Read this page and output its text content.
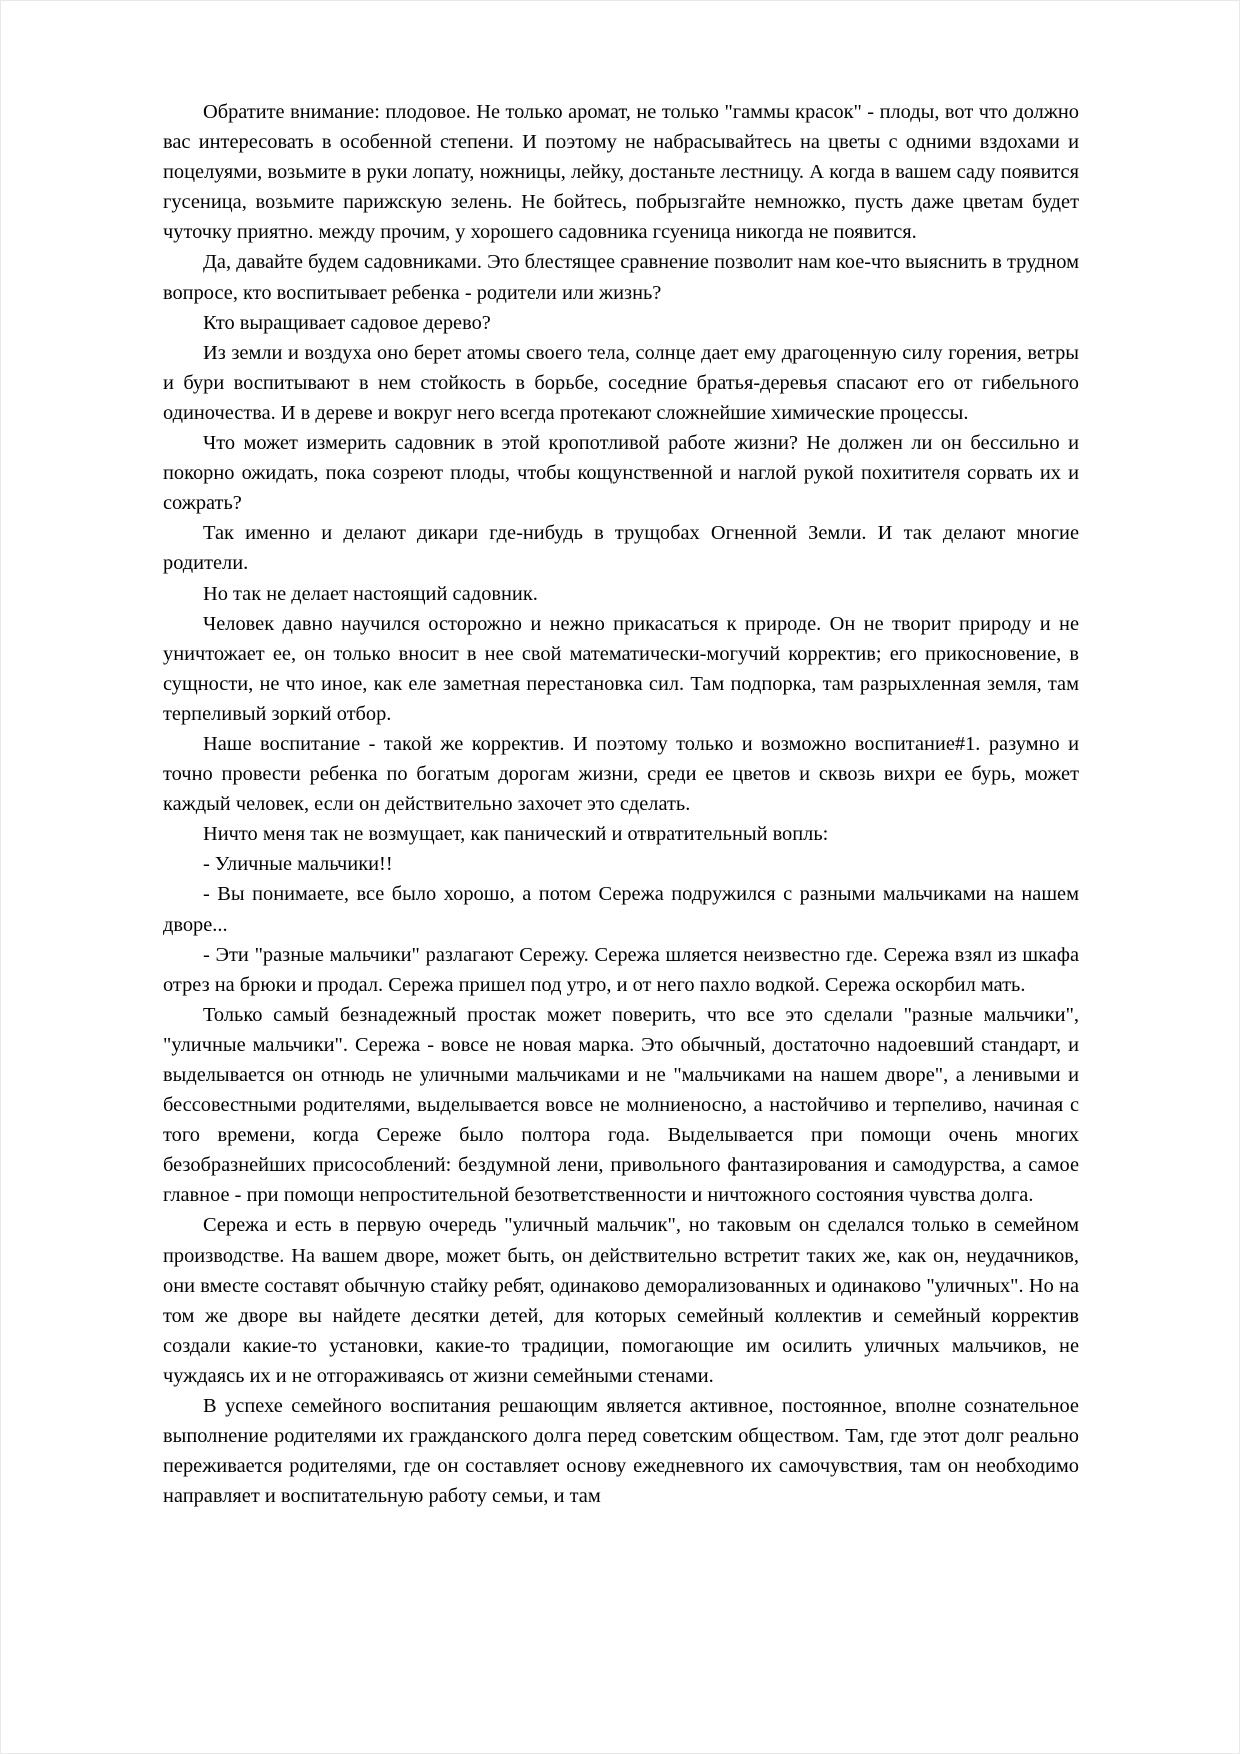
Обратите внимание: плодовое. Не только аромат, не только "гаммы красок" - плоды, вот что должно вас интересовать в особенной степени. И поэтому не набрасывайтесь на цветы с одними вздохами и поцелуями, возьмите в руки лопату, ножницы, лейку, достаньте лестницу. А когда в вашем саду появится гусеница, возьмите парижскую зелень. Не бойтесь, побрызгайте немножко, пусть даже цветам будет чуточку приятно. между прочим, у хорошего садовника гсуеница никогда не появится.

Да, давайте будем садовниками. Это блестящее сравнение позволит нам кое-что выяснить в трудном вопросе, кто воспитывает ребенка - родители или жизнь?

Кто выращивает садовое дерево?

Из земли и воздуха оно берет атомы своего тела, солнце дает ему драгоценную силу горения, ветры и бури воспитывают в нем стойкость в борьбе, соседние братья-деревья спасают его от гибельного одиночества. И в дереве и вокруг него всегда протекают сложнейшие химические процессы.

Что может измерить садовник в этой кропотливой работе жизни? Не должен ли он бессильно и покорно ожидать, пока созреют плоды, чтобы кощунственной и наглой рукой похитителя сорвать их и сожрать?

Так именно и делают дикари где-нибудь в трущобах Огненной Земли. И так делают многие родители.

Но так не делает настоящий садовник.

Человек давно научился осторожно и нежно прикасаться к природе. Он не творит природу и не уничтожает ее, он только вносит в нее свой математически-могучий корректив; его прикосновение, в сущности, не что иное, как еле заметная перестановка сил. Там подпорка, там разрыхленная земля, там терпеливый зоркий отбор.

Наше воспитание - такой же корректив. И поэтому только и возможно воспитание#1. разумно и точно провести ребенка по богатым дорогам жизни, среди ее цветов и сквозь вихри ее бурь, может каждый человек, если он действительно захочет это сделать.

Ничто меня так не возмущает, как панический и отвратительный вопль:

- Уличные мальчики!!

- Вы понимаете, все было хорошо, а потом Сережа подружился с разными мальчиками на нашем дворе...

- Эти "разные мальчики" разлагают Сережу. Сережа шляется неизвестно где. Сережа взял из шкафа отрез на брюки и продал. Сережа пришел под утро, и от него пахло водкой. Сережа оскорбил мать.

Только самый безнадежный простак может поверить, что все это сделали "разные мальчики", "уличные мальчики". Сережа - вовсе не новая марка. Это обычный, достаточно надоевший стандарт, и выделывается он отнюдь не уличными мальчиками и не "мальчиками на нашем дворе", а ленивыми и бессовестными родителями, выделывается вовсе не молниеносно, а настойчиво и терпеливо, начиная с того времени, когда Сереже было полтора года. Выделывается при помощи очень многих безобразнейших присособлений: бездумной лени, привольного фантазирования и самодурства, а самое главное - при помощи непростительной безответственности и ничтожного состояния чувства долга.

Сережа и есть в первую очередь "уличный мальчик", но таковым он сделался только в семейном производстве. На вашем дворе, может быть, он действительно встретит таких же, как он, неудачников, они вместе составят обычную стайку ребят, одинаково деморализованных и одинаково "уличных". Но на том же дворе вы найдете десятки детей, для которых семейный коллектив и семейный корректив создали какие-то установки, какие-то традиции, помогающие им осилить уличных мальчиков, не чуждаясь их и не отгораживаясь от жизни семейными стенами.

В успехе семейного воспитания решающим является активное, постоянное, вполне сознательное выполнение родителями их гражданского долга перед советским обществом. Там, где этот долг реально переживается родителями, где он составляет основу ежедневного их самочувствия, там он необходимо направляет и воспитательную работу семьи, и там
